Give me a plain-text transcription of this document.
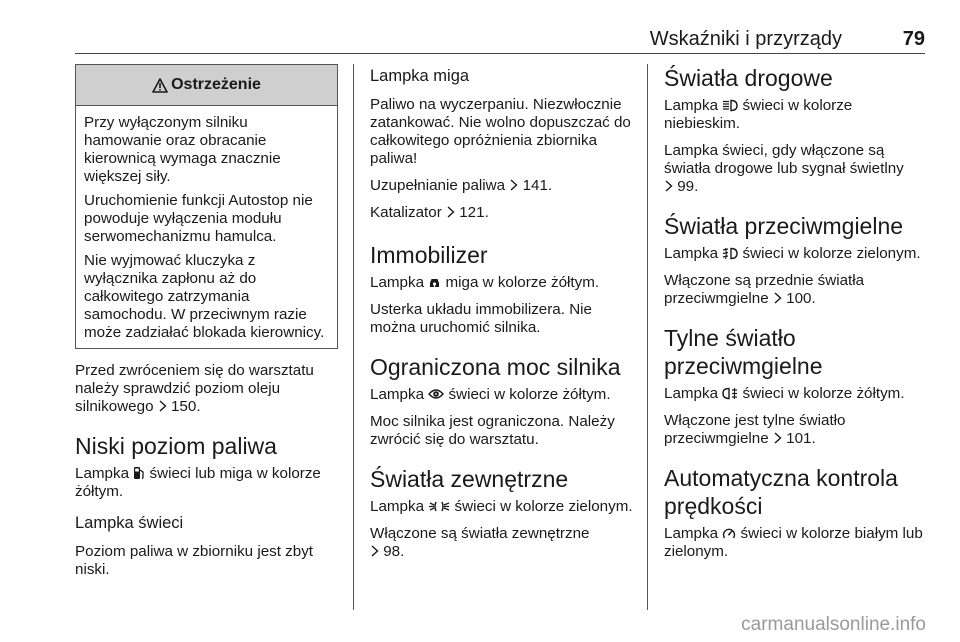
Wskaźniki i przyrządy	79
Ostrzeżenie

Przy wyłączonym silniku hamowanie oraz obracanie kierownicą wymaga znacznie większej siły.

Uruchomienie funkcji Autostop nie powoduje wyłączenia modułu serwomechanizmu hamulca.

Nie wyjmować kluczyka z wyłącznika zapłonu aż do całkowitego zatrzymania samochodu. W przeciwnym razie może zadziałać blokada kierownicy.

Przed zwróceniem się do warsztatu należy sprawdzić poziom oleju silnikowego 150.

Niski poziom paliwa

Lampka świeci lub miga w kolorze żółtym.

Lampka świeci

Poziom paliwa w zbiorniku jest zbyt niski.

Lampka miga

Paliwo na wyczerpaniu. Niezwłocznie zatankować. Nie wolno dopuszczać do całkowitego opróżnienia zbiornika paliwa!

Uzupełnianie paliwa 141.

Katalizator 121.

Immobilizer

Lampka miga w kolorze żółtym.

Usterka układu immobilizera. Nie można uruchomić silnika.

Ograniczona moc silnika

Lampka świeci w kolorze żółtym.

Moc silnika jest ograniczona. Należy zwrócić się do warsztatu.

Światła zewnętrzne

Lampka świeci w kolorze zielonym.

Włączone są światła zewnętrzne
98.

Światła drogowe

Lampka świeci w kolorze niebieskim.

Lampka świeci, gdy włączone są światła drogowe lub sygnał świetlny
99.

Światła przeciwmgielne

Lampka świeci w kolorze zielonym.

Włączone są przednie światła przeciwmgielne 100.

Tylne światło przeciwmgielne

Lampka świeci w kolorze żółtym.

Włączone jest tylne światło przeciwmgielne 101.

Automatyczna kontrola prędkości

Lampka świeci w kolorze białym lub zielonym.

carmanualsonline.info
